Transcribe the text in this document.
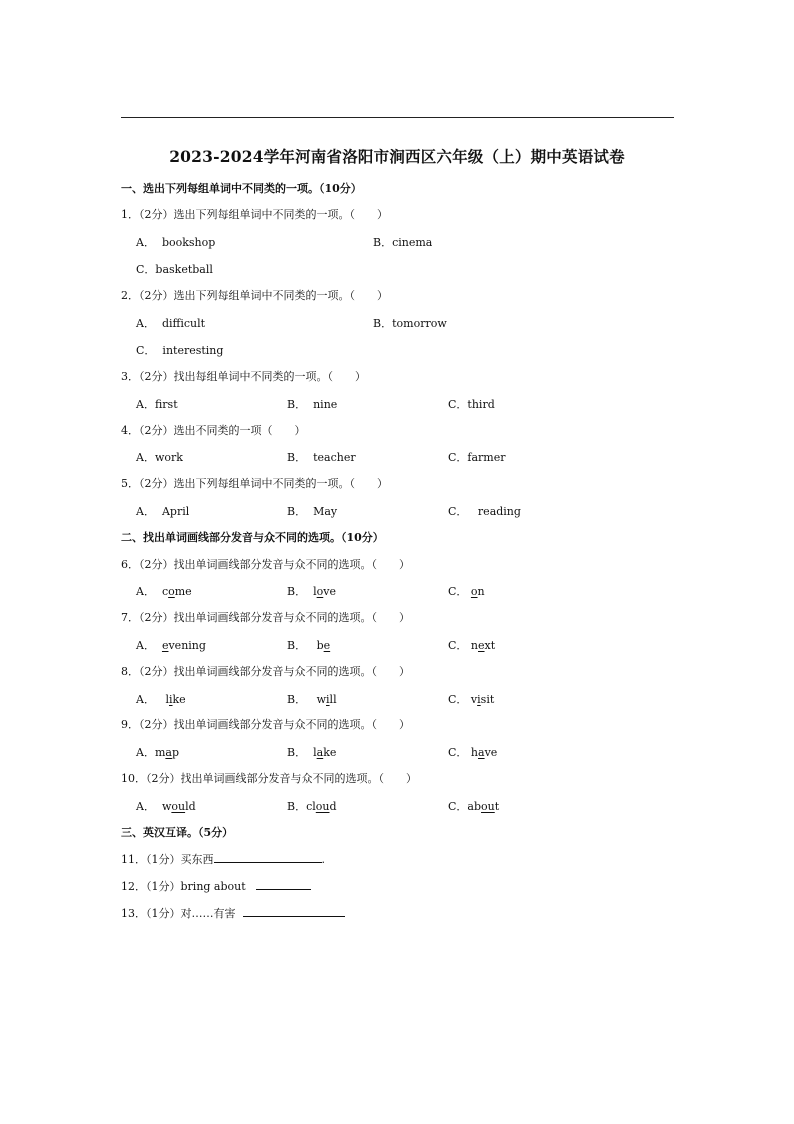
2023-2024学年河南省洛阳市涧西区六年级（上）期中英语试卷
一、选出下列每组单词中不同类的一项。（10分）
1．（2分）选出下列每组单词中不同类的一项。（　　）
A． bookshop	B．cinema
C．basketball
2．（2分）选出下列每组单词中不同类的一项。（　　）
A． difficult	B．tomorrow
C． interesting
3．（2分）找出每组单词中不同类的一项。（　　）
A．first	B． nine	C．third
4．（2分）选出不同类的一项（　　）
A．work	B． teacher	C．farmer
5．（2分）选出下列每组单词中不同类的一项。（　　）
A． April	B． May	C． reading
二、找出单词画线部分发音与众不同的选项。（10分）
6．（2分）找出单词画线部分发音与众不同的选项。（　　）
A． come	B． love	C． on
7．（2分）找出单词画线部分发音与众不同的选项。（　　）
A． evening	B． be	C． next
8．（2分）找出单词画线部分发音与众不同的选项。（　　）
A． like	B． will	C． visit
9．（2分）找出单词画线部分发音与众不同的选项。（　　）
A．map	B． lake	C． have
10．（2分）找出单词画线部分发音与众不同的选项。（　　）
A． would	B．cloud	C．about
三、英汉互译。（5分）
11．（1分）买东西	.
12．（1分）bring about
13．（1分）对……有害
